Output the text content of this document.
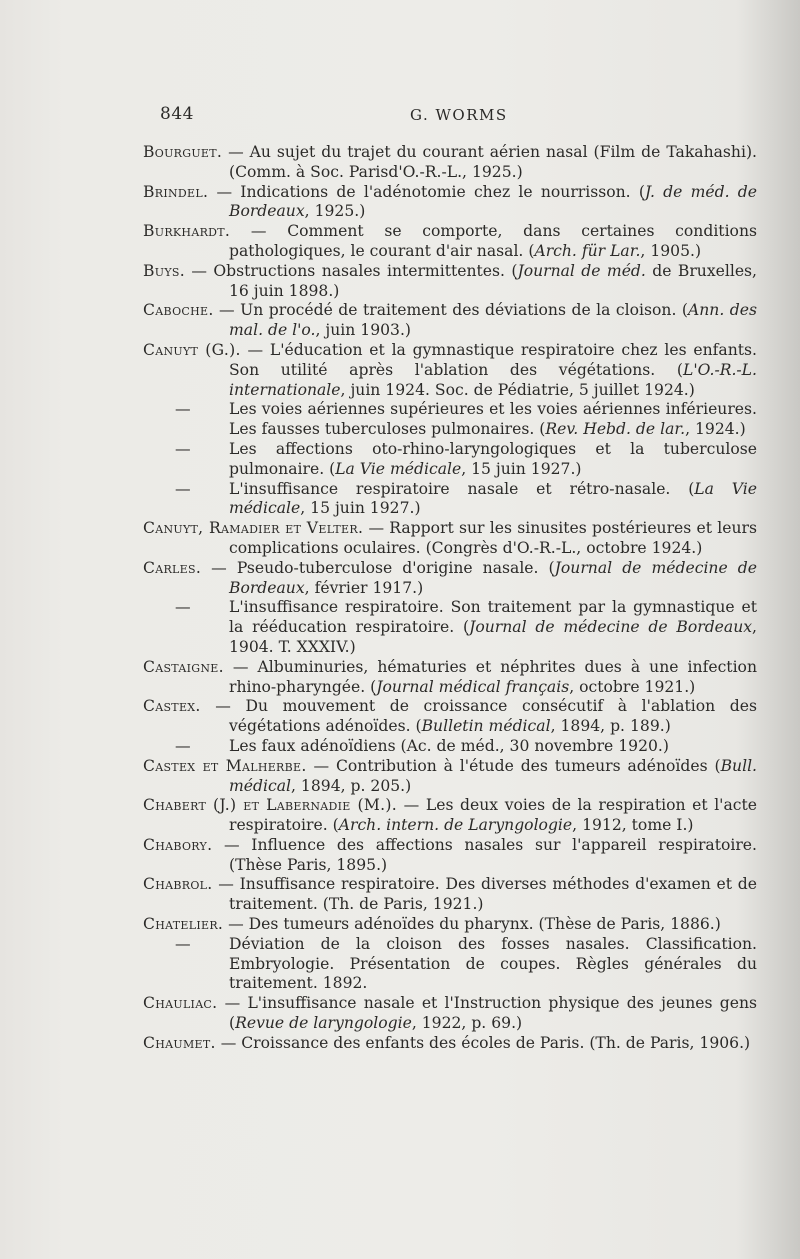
844	G. WORMS

Bourguet. — Au sujet du trajet du courant aérien nasal (Film de Takahashi). (Comm. à Soc. Parisd'O.-R.-L., 1925.)

Brindel. — Indications de l'adénotomie chez le nourrisson. (J. de méd. de Bordeaux, 1925.)

Burkhardt. — Comment se comporte, dans certaines conditions pathologiques, le courant d'air nasal. (Arch. für Lar., 1905.)

Buys. — Obstructions nasales intermittentes. (Journal de méd. de Bruxelles, 16 juin 1898.)

Caboche. — Un procédé de traitement des déviations de la cloison. (Ann. des mal. de l'o., juin 1903.)

Canuyt (G.). — L'éducation et la gymnastique respiratoire chez les enfants. Son utilité après l'ablation des végétations. (L'O.-R.-L. internationale, juin 1924. Soc. de Pédiatrie, 5 juillet 1924.)

— Les voies aériennes supérieures et les voies aériennes inférieures. Les fausses tuberculoses pulmonaires. (Rev. Hebd. de lar., 1924.)

— Les affections oto-rhino-laryngologiques et la tuberculose pulmonaire. (La Vie médicale, 15 juin 1927.)

— L'insuffisance respiratoire nasale et rétro-nasale. (La Vie médicale, 15 juin 1927.)

Canuyt, Ramadier et Velter. — Rapport sur les sinusites postérieures et leurs complications oculaires. (Congrès d'O.-R.-L., octobre 1924.)

Carles. — Pseudo-tuberculose d'origine nasale. (Journal de médecine de Bordeaux, février 1917.)

— L'insuffisance respiratoire. Son traitement par la gymnastique et la rééducation respiratoire. (Journal de médecine de Bordeaux, 1904. T. XXXIV.)

Castaigne. — Albuminuries, hématuries et néphrites dues à une infection rhino-pharyngée. (Journal médical français, octobre 1921.)

Castex. — Du mouvement de croissance consécutif à l'ablation des végétations adénoïdes. (Bulletin médical, 1894, p. 189.)

— Les faux adénoïdiens (Ac. de méd., 30 novembre 1920.)

Castex et Malherbe. — Contribution à l'étude des tumeurs adénoïdes (Bull. médical, 1894, p. 205.)

Chabert (J.) et Labernadie (M.). — Les deux voies de la respiration et l'acte respiratoire. (Arch. intern. de Laryngologie, 1912, tome I.)

Chabory. — Influence des affections nasales sur l'appareil respiratoire. (Thèse Paris, 1895.)

Chabrol. — Insuffisance respiratoire. Des diverses méthodes d'examen et de traitement. (Th. de Paris, 1921.)

Chatelier. — Des tumeurs adénoïdes du pharynx. (Thèse de Paris, 1886.)

— Déviation de la cloison des fosses nasales. Classification. Embryologie. Présentation de coupes. Règles générales du traitement. 1892.

Chauliac. — L'insuffisance nasale et l'Instruction physique des jeunes gens (Revue de laryngologie, 1922, p. 69.)

Chaumet. — Croissance des enfants des écoles de Paris. (Th. de Paris, 1906.)
